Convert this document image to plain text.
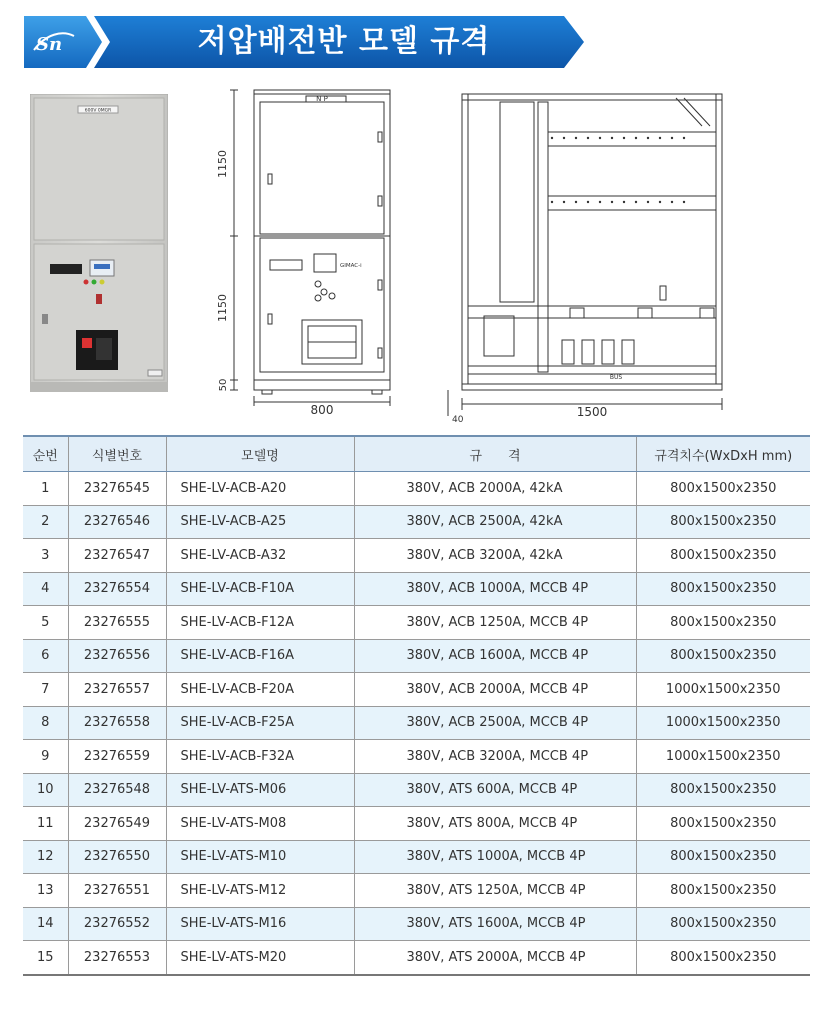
Sn	저압배전반 모델 규격
600V 0MGR
N P
GIMAC-i
1150
1150
50
800
BUS
40
1500
순번	식별번호	모델명	규　　격	규격치수(WxDxH mm)
1	23276545	SHE-LV-ACB-A20	380V, ACB 2000A, 42kA	800x1500x2350
2	23276546	SHE-LV-ACB-A25	380V, ACB 2500A, 42kA	800x1500x2350
3	23276547	SHE-LV-ACB-A32	380V, ACB 3200A, 42kA	800x1500x2350
4	23276554	SHE-LV-ACB-F10A	380V, ACB 1000A, MCCB 4P	800x1500x2350
5	23276555	SHE-LV-ACB-F12A	380V, ACB 1250A, MCCB 4P	800x1500x2350
6	23276556	SHE-LV-ACB-F16A	380V, ACB 1600A, MCCB 4P	800x1500x2350
7	23276557	SHE-LV-ACB-F20A	380V, ACB 2000A, MCCB 4P	1000x1500x2350
8	23276558	SHE-LV-ACB-F25A	380V, ACB 2500A, MCCB 4P	1000x1500x2350
9	23276559	SHE-LV-ACB-F32A	380V, ACB 3200A, MCCB 4P	1000x1500x2350
10	23276548	SHE-LV-ATS-M06	380V, ATS 600A, MCCB 4P	800x1500x2350
11	23276549	SHE-LV-ATS-M08	380V, ATS 800A, MCCB 4P	800x1500x2350
12	23276550	SHE-LV-ATS-M10	380V, ATS 1000A, MCCB 4P	800x1500x2350
13	23276551	SHE-LV-ATS-M12	380V, ATS 1250A, MCCB 4P	800x1500x2350
14	23276552	SHE-LV-ATS-M16	380V, ATS 1600A, MCCB 4P	800x1500x2350
15	23276553	SHE-LV-ATS-M20	380V, ATS 2000A, MCCB 4P	800x1500x2350
